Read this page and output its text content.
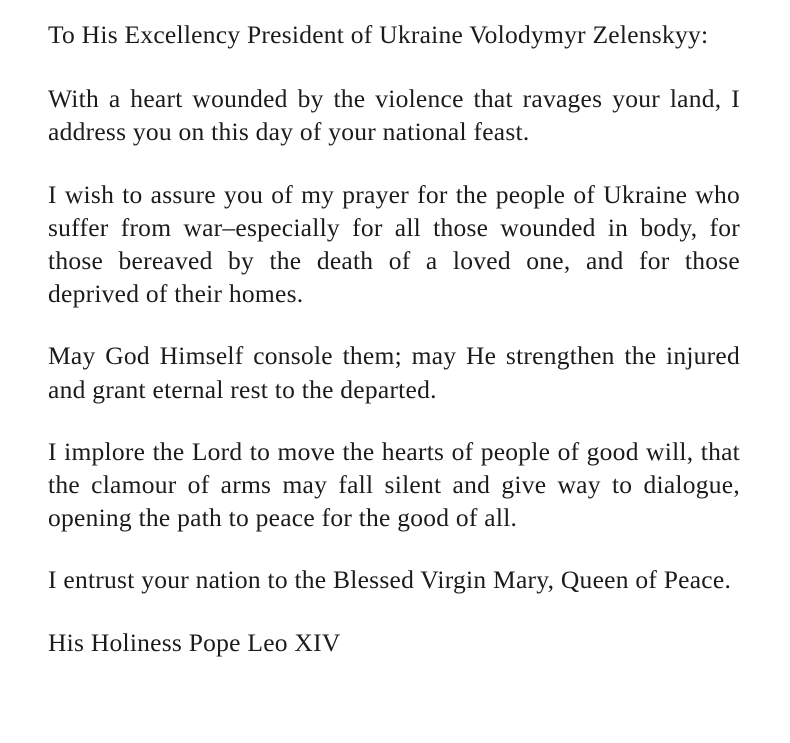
To His Excellency President of Ukraine Volodymyr Zelenskyy:

With a heart wounded by the violence that ravages your land, I address you on this day of your national feast.

I wish to assure you of my prayer for the people of Ukraine who suffer from war–especially for all those wounded in body, for those bereaved by the death of a loved one, and for those deprived of their homes.

May God Himself console them; may He strengthen the injured and grant eternal rest to the departed.

I implore the Lord to move the hearts of people of good will, that the clamour of arms may fall silent and give way to dialogue, opening the path to peace for the good of all.

I entrust your nation to the Blessed Virgin Mary, Queen of Peace.

His Holiness Pope Leo XIV
